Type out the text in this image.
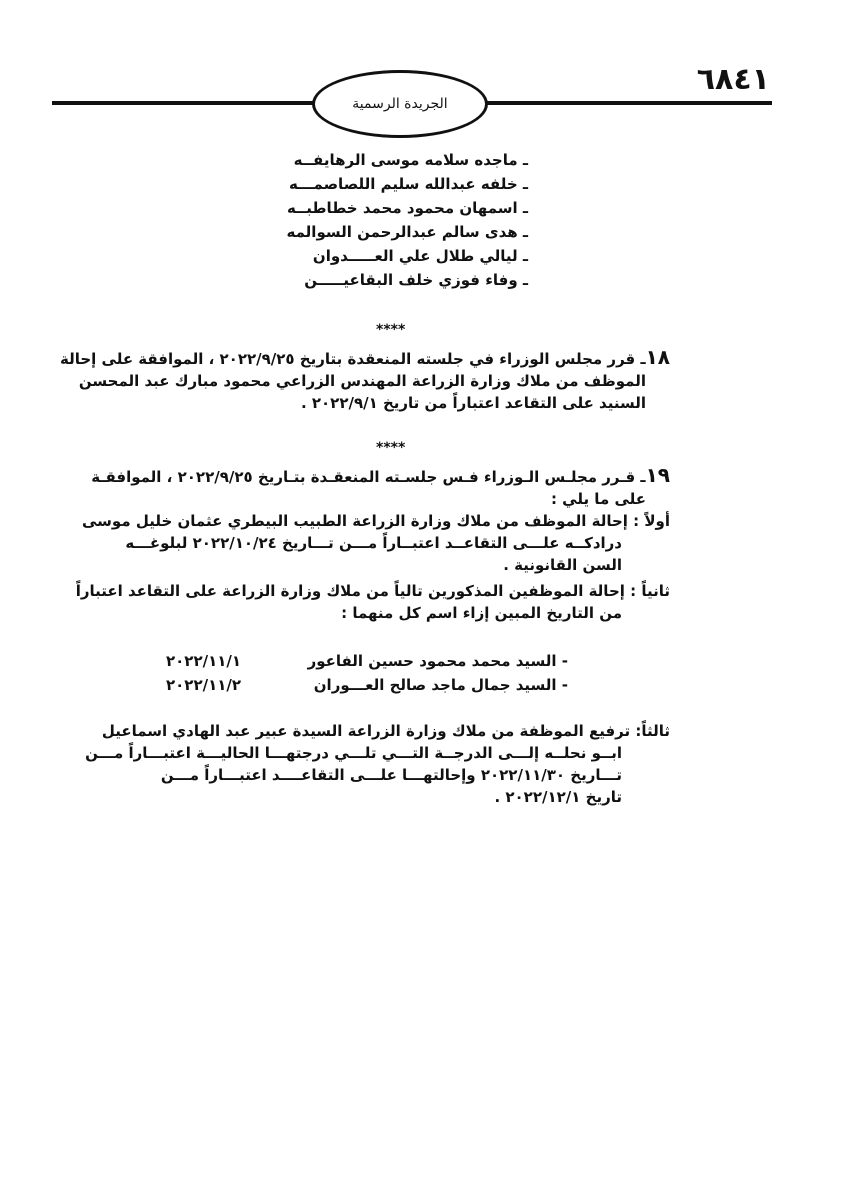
الجريدة الرسمية
٦٨٤١
ـ ماجده سلامه موسى الرهايفــه
ـ خلفه عبدالله سليم اللصاصمـــه
ـ اسمهان محمود محمد خطاطبــه
ـ هدى سالم عبدالرحمن السوالمه
ـ ليالي طلال علي العـــــدوان
ـ وفاء فوزي خلف البقاعيـــــن
****
١٨ـ قرر مجلس الوزراء في جلسته المنعقدة بتاريخ ٢٠٢٢/٩/٢٥ ، الموافقة على إحالة
الموظف من ملاك وزارة الزراعة المهندس الزراعي محمود مبارك عبد المحسن
السنيد على التقاعد اعتباراً من تاريخ ٢٠٢٢/٩/١ .
****
١٩ـ قـرر مجلـس الـوزراء فـس جلسـته المنعقـدة بتـاريخ ٢٠٢٢/٩/٢٥ ، الموافقـة
على ما يلي :
أولاً : إحالة الموظف من ملاك وزارة الزراعة الطبيب البيطري عثمان خليل موسى
درادكــه علـــى التقاعــد اعتبــاراً مـــن تـــاريخ ٢٠٢٢/١٠/٢٤ لبلوغـــه
السن القانونية .
ثانياً : إحالة الموظفين المذكورين تالياً من ملاك وزارة الزراعة على التقاعد اعتباراً
من التاريخ المبين إزاء اسم كل منهما :
- السيد محمد محمود حسين الفاعور
٢٠٢٢/١١/١
- السيد جمال ماجد صالح العـــوران
٢٠٢٢/١١/٢
ثالثاً: ترفيع الموظفة من ملاك وزارة الزراعة السيدة عبير عبد الهادي اسماعيل
ابــو نحلــه إلـــى الدرجــة التـــي تلـــي درجتهـــا الحاليـــة اعتبـــاراً مـــن
تـــاريخ ٢٠٢٢/١١/٣٠ وإحالتهـــا علـــى التقاعــــد اعتبـــاراً مـــن
تاريخ ٢٠٢٢/١٢/١ .
